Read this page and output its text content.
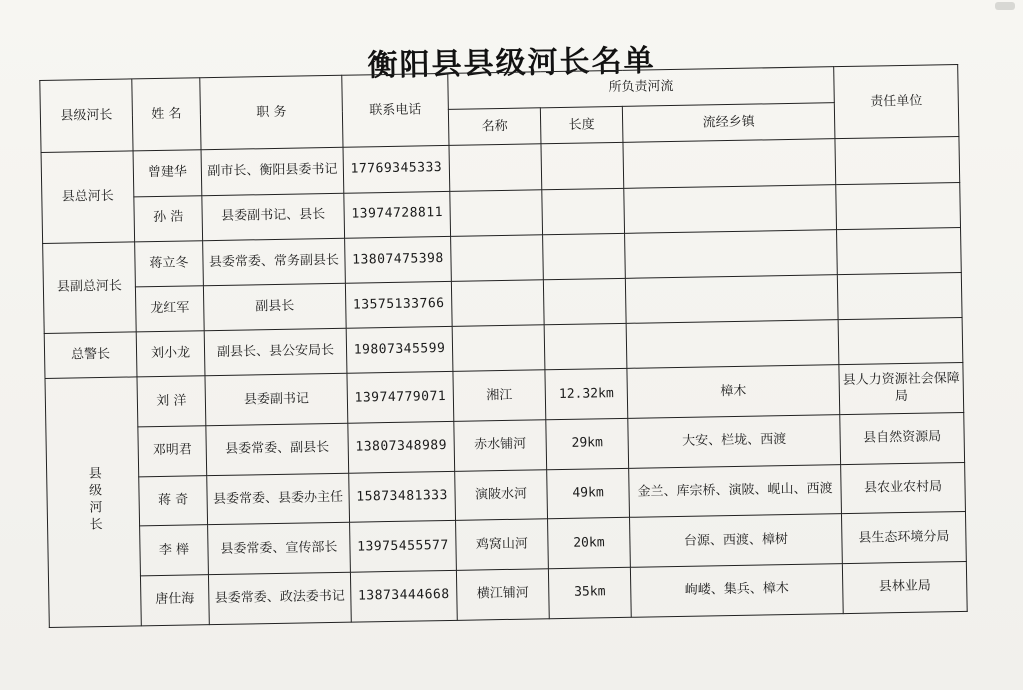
衡阳县县级河长名单
县级河长	姓 名	职 务	联系电话	所负责河流			责任单位
				名称	长度	流经乡镇	
县总河长	曾建华	副市长、衡阳县委书记	17769345333				
	孙 浩	县委副书记、县长	13974728811				
县副总河长	蒋立冬	县委常委、常务副县长	13807475398				
	龙红军	副县长	13575133766				
总警长	刘小龙	副县长、县公安局长	19807345599				
县级河长	刘 洋	县委副书记	13974779071	湘江	12.32km	樟木	县人力资源社会保障局
	邓明君	县委常委、副县长	13807348989	赤水铺河	29km	大安、栏垅、西渡	县自然资源局
	蒋 奇	县委常委、县委办主任	15873481333	演陂水河	49km	金兰、库宗桥、演陂、岘山、西渡	县农业农村局
	李 榉	县委常委、宣传部长	13975455577	鸡窝山河	20km	台源、西渡、樟树	县生态环境分局
	唐仕海	县委常委、政法委书记	13873444668	横江铺河	35km	岣嵝、集兵、樟木	县林业局
